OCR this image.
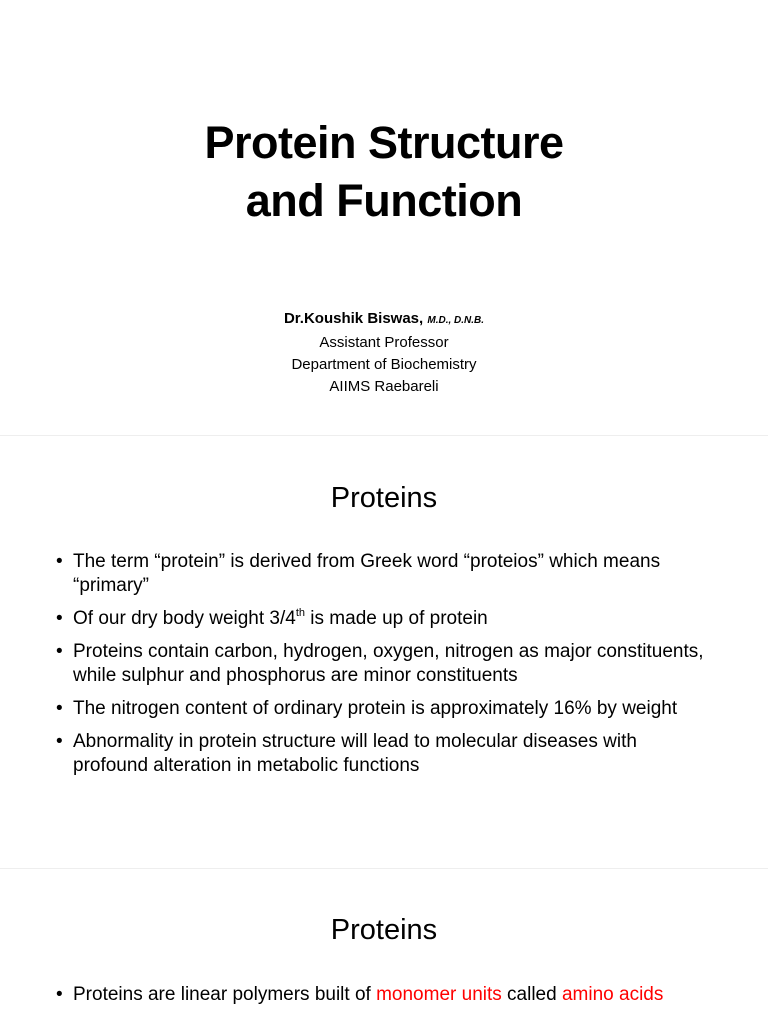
Protein Structure
and Function
Dr.Koushik Biswas, M.D., D.N.B.
Assistant Professor
Department of Biochemistry
AIIMS Raebareli
Proteins
• The term “protein” is derived from Greek word “proteios” which means “primary”
• Of our dry body weight 3/4th is made up of protein
• Proteins contain carbon, hydrogen, oxygen, nitrogen as major constituents, while sulphur and phosphorus are minor constituents
• The nitrogen content of ordinary protein is approximately 16% by weight
• Abnormality in protein structure will lead to molecular diseases with profound alteration in metabolic functions
Proteins
• Proteins are linear polymers built of monomer units called amino acids
